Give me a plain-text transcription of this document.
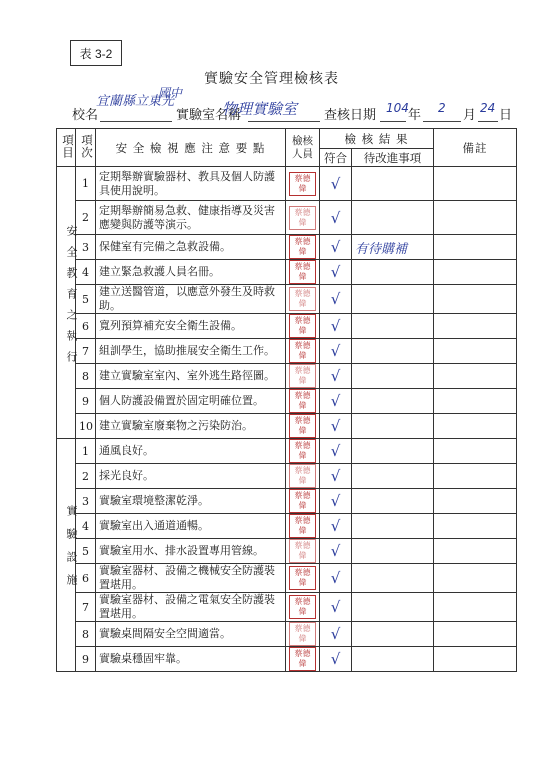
表 3-2
實驗安全管理檢核表
宜蘭縣立東光
國中
校名	實驗室名稱	查核日期 104 年 2 月 24 日
物理實驗室
項目	項次	安 全 檢 視 應 注 意 要 點	檢核人員	檢 核 結 果		備註
				符合	待改進事項	
安全教育之執行	1	定期舉辦實驗器材、教具及個人防護具使用說明。	蔡德偉	√		
	2	定期舉辦簡易急救、健康指導及災害應變與防護等演示。	蔡德偉	√		
	3	保健室有完備之急救設備。	蔡德偉	√	有待購補	
	4	建立緊急救護人員名冊。	蔡德偉	√		
	5	建立送醫管道，以應意外發生及時救助。	蔡德偉	√		
	6	寬列預算補充安全衛生設備。	蔡德偉	√		
	7	組訓學生，協助推展安全衛生工作。	蔡德偉	√		
	8	建立實驗室室內、室外逃生路徑圖。	蔡德偉	√		
	9	個人防護設備置於固定明確位置。	蔡德偉	√		
	10	建立實驗室廢棄物之污染防治。	蔡德偉	√		
實驗設施	1	通風良好。	蔡德偉	√		
	2	採光良好。	蔡德偉	√		
	3	實驗室環境整潔乾淨。	蔡德偉	√		
	4	實驗室出入通道通暢。	蔡德偉	√		
	5	實驗室用水、排水設置專用管線。	蔡德偉	√		
	6	實驗室器材、設備之機械安全防護裝置堪用。	蔡德偉	√		
	7	實驗室器材、設備之電氣安全防護裝置堪用。	蔡德偉	√		
	8	實驗桌間隔安全空間適當。	蔡德偉	√		
	9	實驗桌穩固牢靠。	蔡德偉	√		
